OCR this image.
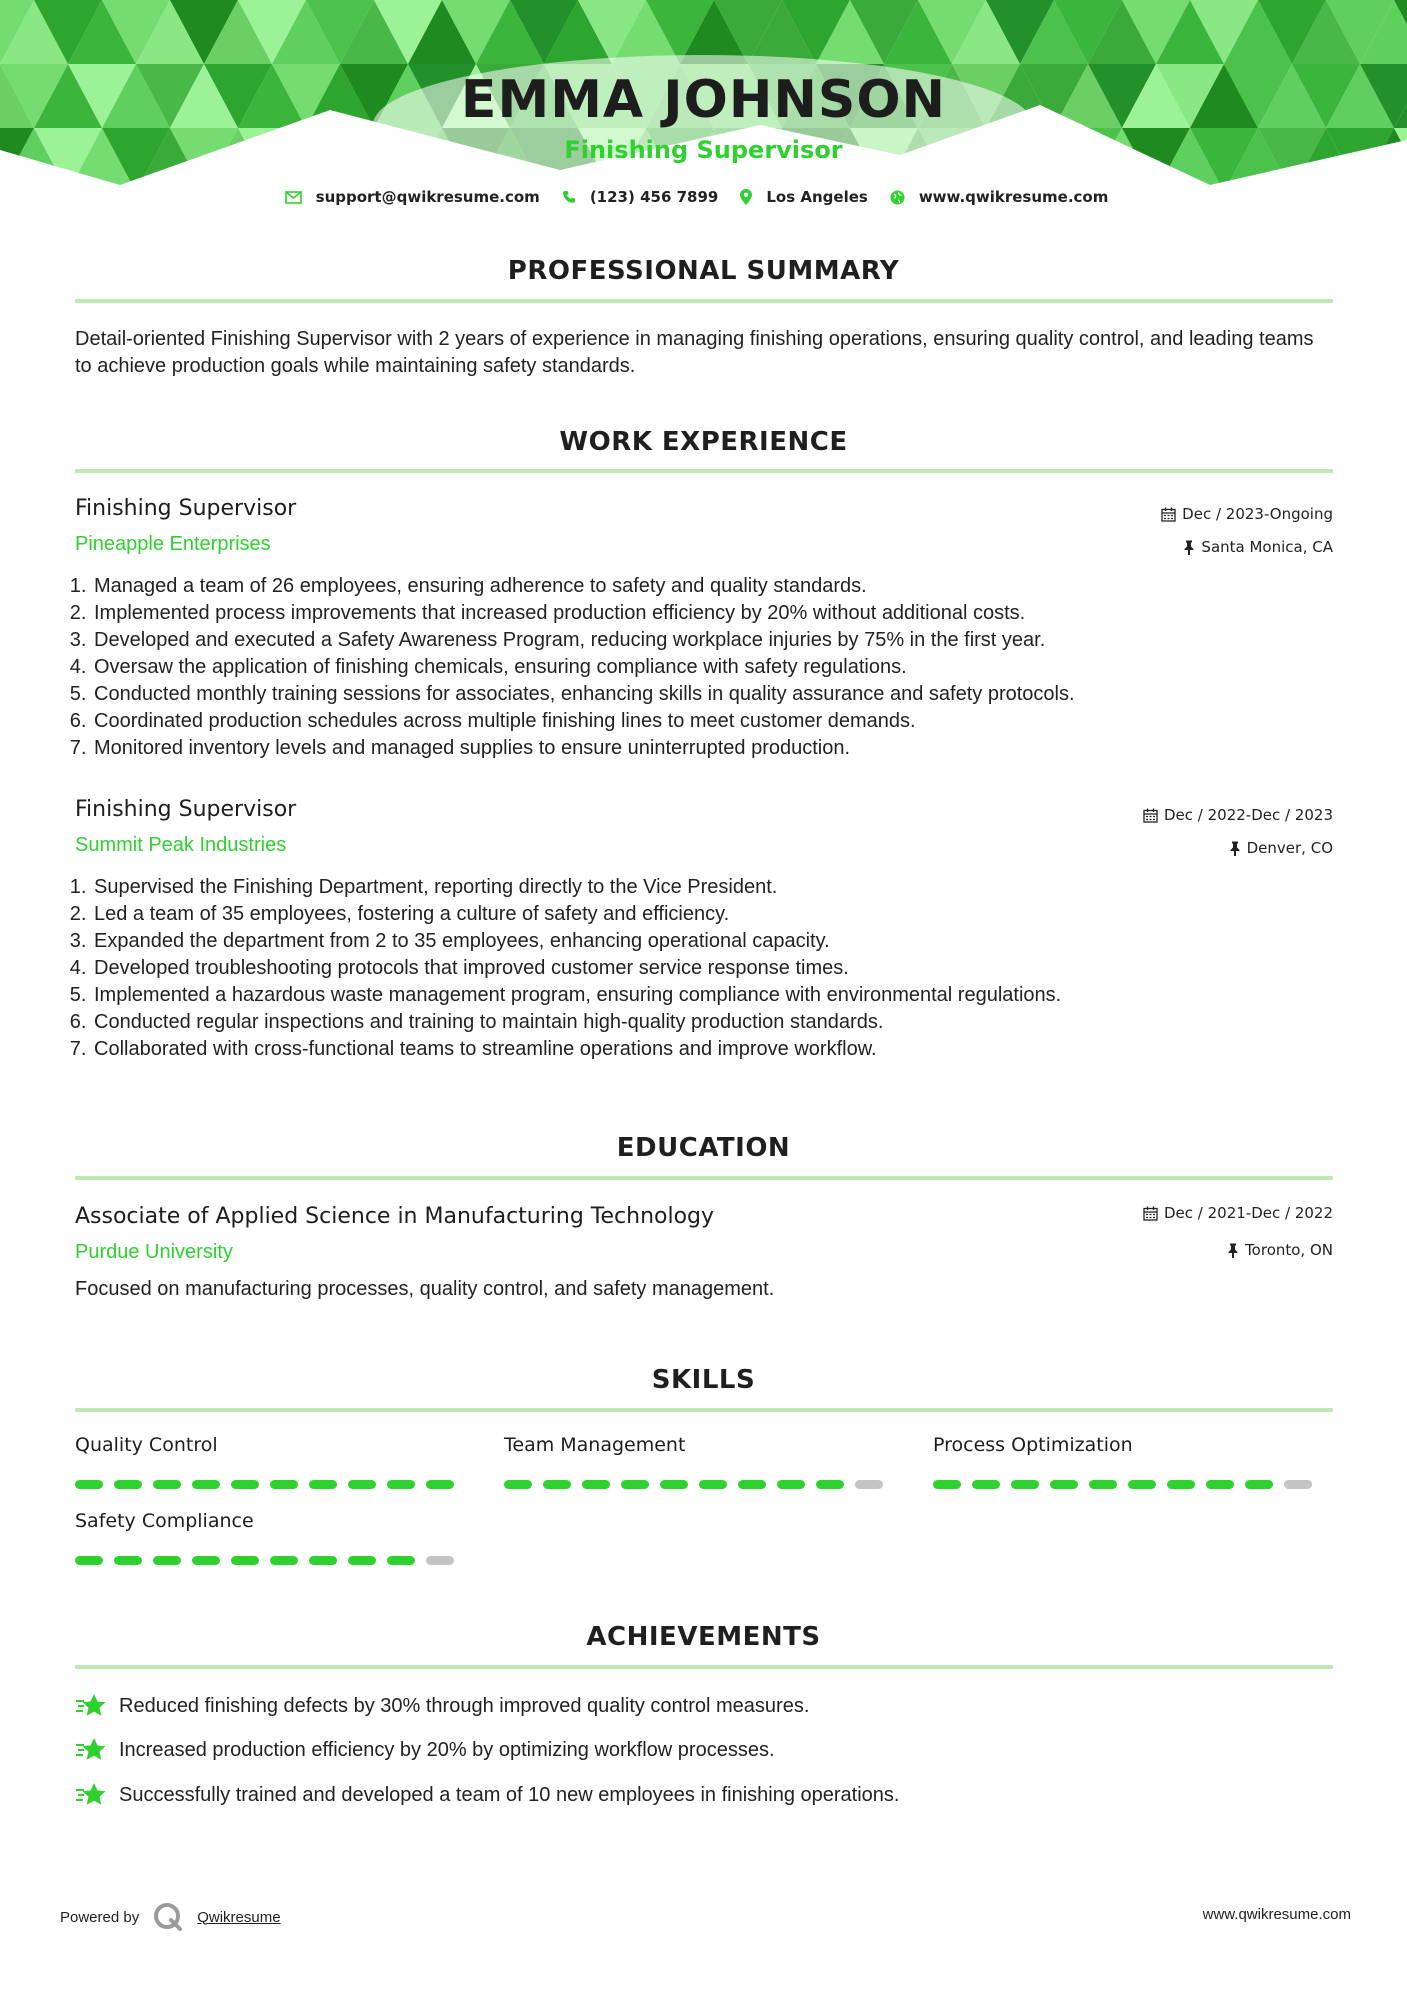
EMMA JOHNSON
Finishing Supervisor
support@qwikresume.com	(123) 456 7899	Los Angeles	www.qwikresume.com
PROFESSIONAL SUMMARY
Detail-oriented Finishing Supervisor with 2 years of experience in managing finishing operations, ensuring quality control, and leading teams to achieve production goals while maintaining safety standards.
WORK EXPERIENCE
Finishing Supervisor
Pineapple Enterprises
Dec / 2023-Ongoing
Santa Monica, CA
1. Managed a team of 26 employees, ensuring adherence to safety and quality standards.
2. Implemented process improvements that increased production efficiency by 20% without additional costs.
3. Developed and executed a Safety Awareness Program, reducing workplace injuries by 75% in the first year.
4. Oversaw the application of finishing chemicals, ensuring compliance with safety regulations.
5. Conducted monthly training sessions for associates, enhancing skills in quality assurance and safety protocols.
6. Coordinated production schedules across multiple finishing lines to meet customer demands.
7. Monitored inventory levels and managed supplies to ensure uninterrupted production.
Finishing Supervisor
Summit Peak Industries
Dec / 2022-Dec / 2023
Denver, CO
1. Supervised the Finishing Department, reporting directly to the Vice President.
2. Led a team of 35 employees, fostering a culture of safety and efficiency.
3. Expanded the department from 2 to 35 employees, enhancing operational capacity.
4. Developed troubleshooting protocols that improved customer service response times.
5. Implemented a hazardous waste management program, ensuring compliance with environmental regulations.
6. Conducted regular inspections and training to maintain high-quality production standards.
7. Collaborated with cross-functional teams to streamline operations and improve workflow.
EDUCATION
Associate of Applied Science in Manufacturing Technology
Purdue University
Dec / 2021-Dec / 2022
Toronto, ON
Focused on manufacturing processes, quality control, and safety management.
SKILLS
Quality Control	Team Management	Process Optimization
Safety Compliance
ACHIEVEMENTS
Reduced finishing defects by 30% through improved quality control measures.
Increased production efficiency by 20% by optimizing workflow processes.
Successfully trained and developed a team of 10 new employees in finishing operations.
Powered by	Qwikresume	www.qwikresume.com
